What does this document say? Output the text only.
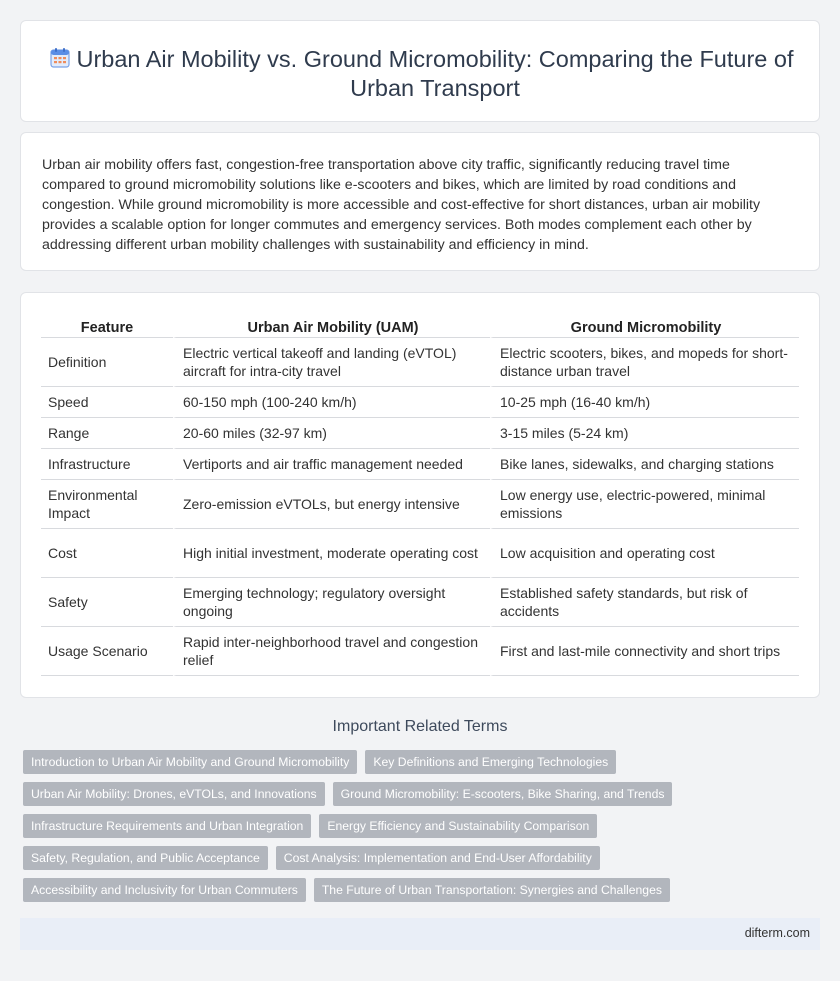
Urban Air Mobility vs. Ground Micromobility: Comparing the Future of Urban Transport

Urban air mobility offers fast, congestion-free transportation above city traffic, significantly reducing travel time compared to ground micromobility solutions like e-scooters and bikes, which are limited by road conditions and congestion. While ground micromobility is more accessible and cost-effective for short distances, urban air mobility provides a scalable option for longer commutes and emergency services. Both modes complement each other by addressing different urban mobility challenges with sustainability and efficiency in mind.

Feature	Urban Air Mobility (UAM)	Ground Micromobility
Definition	Electric vertical takeoff and landing (eVTOL) aircraft for intra-city travel	Electric scooters, bikes, and mopeds for short-distance urban travel
Speed	60-150 mph (100-240 km/h)	10-25 mph (16-40 km/h)
Range	20-60 miles (32-97 km)	3-15 miles (5-24 km)
Infrastructure	Vertiports and air traffic management needed	Bike lanes, sidewalks, and charging stations
Environmental Impact	Zero-emission eVTOLs, but energy intensive	Low energy use, electric-powered, minimal emissions
Cost	High initial investment, moderate operating cost	Low acquisition and operating cost
Safety	Emerging technology; regulatory oversight ongoing	Established safety standards, but risk of accidents
Usage Scenario	Rapid inter-neighborhood travel and congestion relief	First and last-mile connectivity and short trips
Important Related Terms
Introduction to Urban Air Mobility and Ground Micromobility	Key Definitions and Emerging Technologies
Urban Air Mobility: Drones, eVTOLs, and Innovations	Ground Micromobility: E-scooters, Bike Sharing, and Trends
Infrastructure Requirements and Urban Integration	Energy Efficiency and Sustainability Comparison
Safety, Regulation, and Public Acceptance	Cost Analysis: Implementation and End-User Affordability
Accessibility and Inclusivity for Urban Commuters	The Future of Urban Transportation: Synergies and Challenges
difterm.com
